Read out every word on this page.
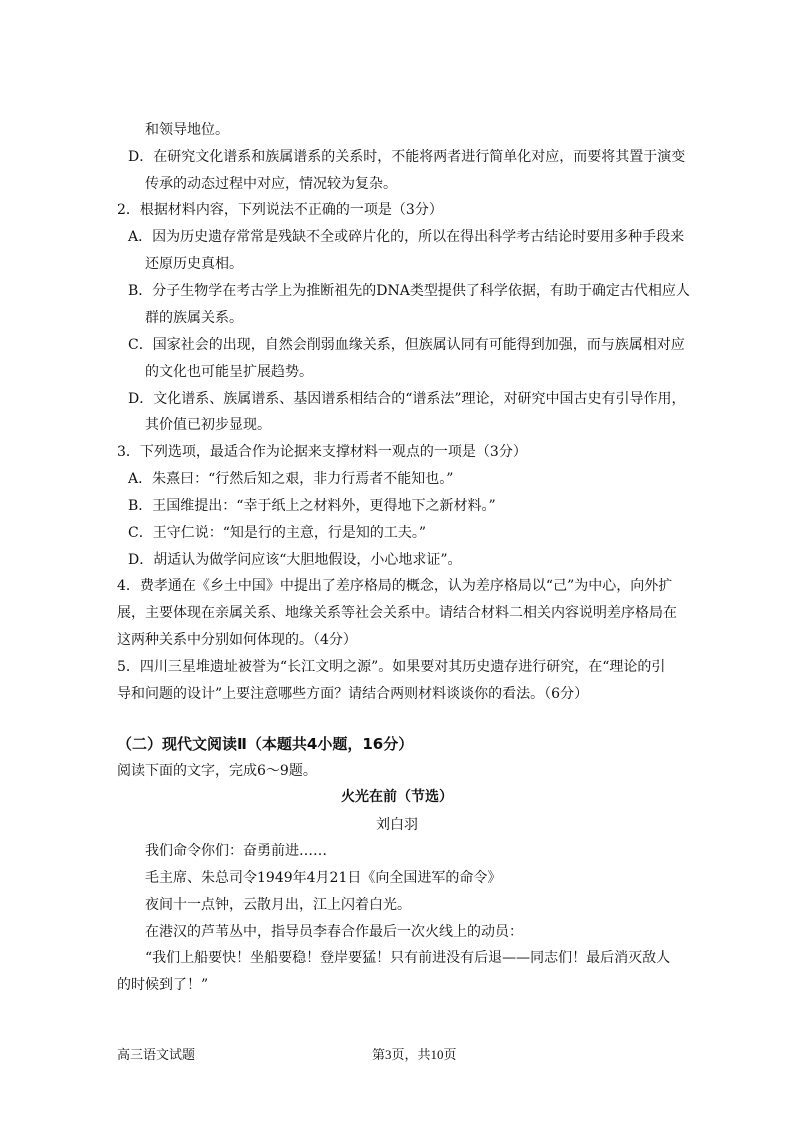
和领导地位。
D．在研究文化谱系和族属谱系的关系时，不能将两者进行简单化对应，而要将其置于演变
传承的动态过程中对应，情况较为复杂。
2．根据材料内容，下列说法不正确的一项是（3分）
A．因为历史遗存常常是残缺不全或碎片化的，所以在得出科学考古结论时要用多种手段来
还原历史真相。
B．分子生物学在考古学上为推断祖先的DNA类型提供了科学依据，有助于确定古代相应人
群的族属关系。
C．国家社会的出现，自然会削弱血缘关系，但族属认同有可能得到加强，而与族属相对应
的文化也可能呈扩展趋势。
D．文化谱系、族属谱系、基因谱系相结合的“谱系法”理论，对研究中国古史有引导作用，
其价值已初步显现。
3．下列选项，最适合作为论据来支撑材料一观点的一项是（3分）
A．朱熹曰：“行然后知之艰，非力行焉者不能知也。”
B．王国维提出：“幸于纸上之材料外，更得地下之新材料。”
C．王守仁说：“知是行的主意，行是知的工夫。”
D．胡适认为做学问应该“大胆地假设，小心地求证”。
4．费孝通在《乡土中国》中提出了差序格局的概念，认为差序格局以“己”为中心，向外扩
展，主要体现在亲属关系、地缘关系等社会关系中。请结合材料二相关内容说明差序格局在
这两种关系中分别如何体现的。（4分）
5．四川三星堆遗址被誉为“长江文明之源”。如果要对其历史遗存进行研究，在“理论的引
导和问题的设计”上要注意哪些方面？请结合两则材料谈谈你的看法。（6分）
（二）现代文阅读Ⅱ（本题共4小题，16分）
阅读下面的文字，完成6～9题。
火光在前（节选）
刘白羽
我们命令你们：奋勇前进……
毛主席、朱总司令1949年4月21日《向全国进军的命令》
夜间十一点钟，云散月出，江上闪着白光。
在港汉的芦苇丛中，指导员李春合作最后一次火线上的动员：
“我们上船要快！坐船要稳！登岸要猛！只有前进没有后退——同志们！最后消灭敌人
的时候到了！”
高三语文试题	第3页，共10页
